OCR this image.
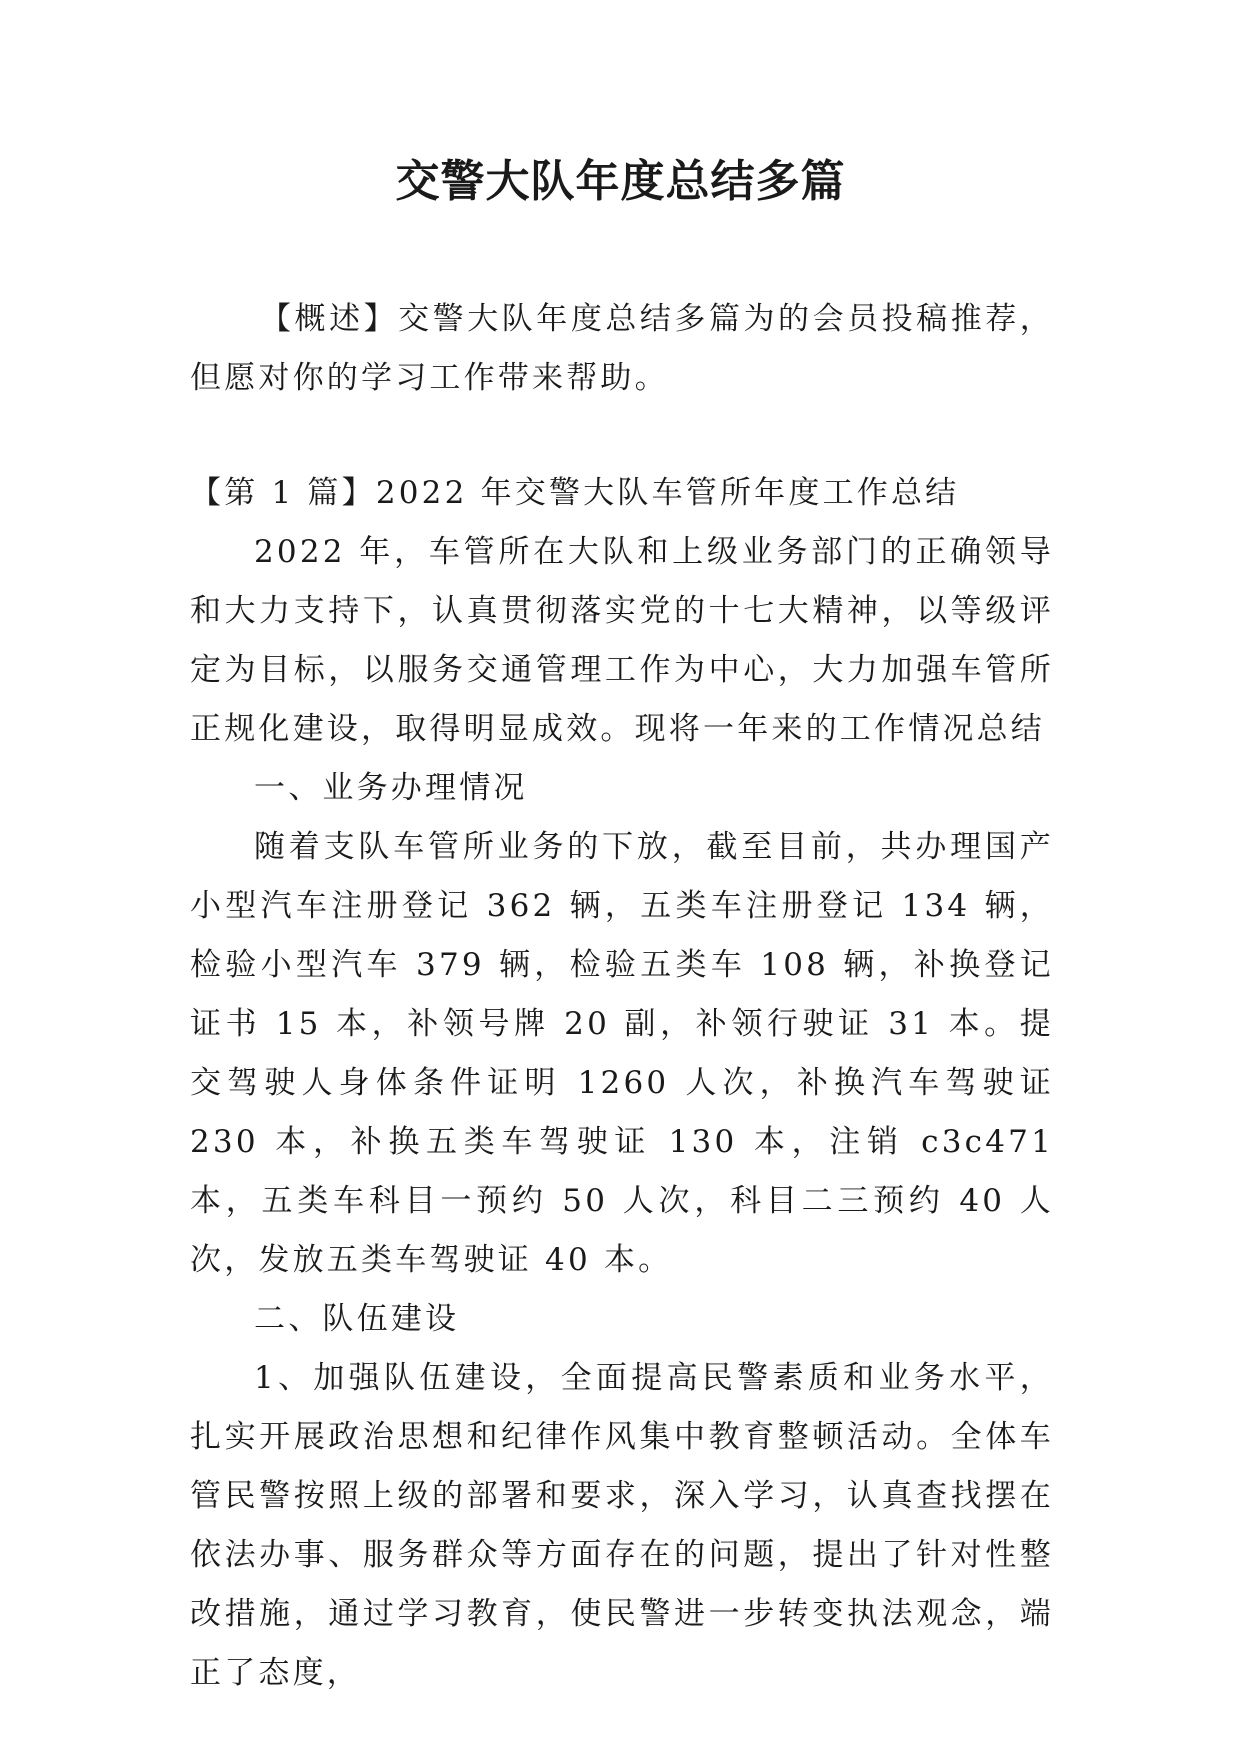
交警大队年度总结多篇

【概述】交警大队年度总结多篇为的会员投稿推荐，但愿对你的学习工作带来帮助。

【第 1 篇】2022 年交警大队车管所年度工作总结

2022 年，车管所在大队和上级业务部门的正确领导和大力支持下，认真贯彻落实党的十七大精神，以等级评定为目标，以服务交通管理工作为中心，大力加强车管所正规化建设，取得明显成效。现将一年来的工作情况总结

一、业务办理情况

随着支队车管所业务的下放，截至目前，共办理国产小型汽车注册登记 362 辆，五类车注册登记 134 辆，检验小型汽车 379 辆，检验五类车 108 辆，补换登记证书 15 本，补领号牌 20 副，补领行驶证 31 本。提交驾驶人身体条件证明 1260 人次，补换汽车驾驶证 230 本，补换五类车驾驶证 130 本，注销 c3c471 本，五类车科目一预约 50 人次，科目二三预约 40 人次，发放五类车驾驶证 40 本。

二、队伍建设

1、加强队伍建设，全面提高民警素质和业务水平，扎实开展政治思想和纪律作风集中教育整顿活动。全体车管民警按照上级的部署和要求，深入学习，认真查找摆在依法办事、服务群众等方面存在的问题，提出了针对性整改措施，通过学习教育，使民警进一步转变执法观念，端正了态度，
